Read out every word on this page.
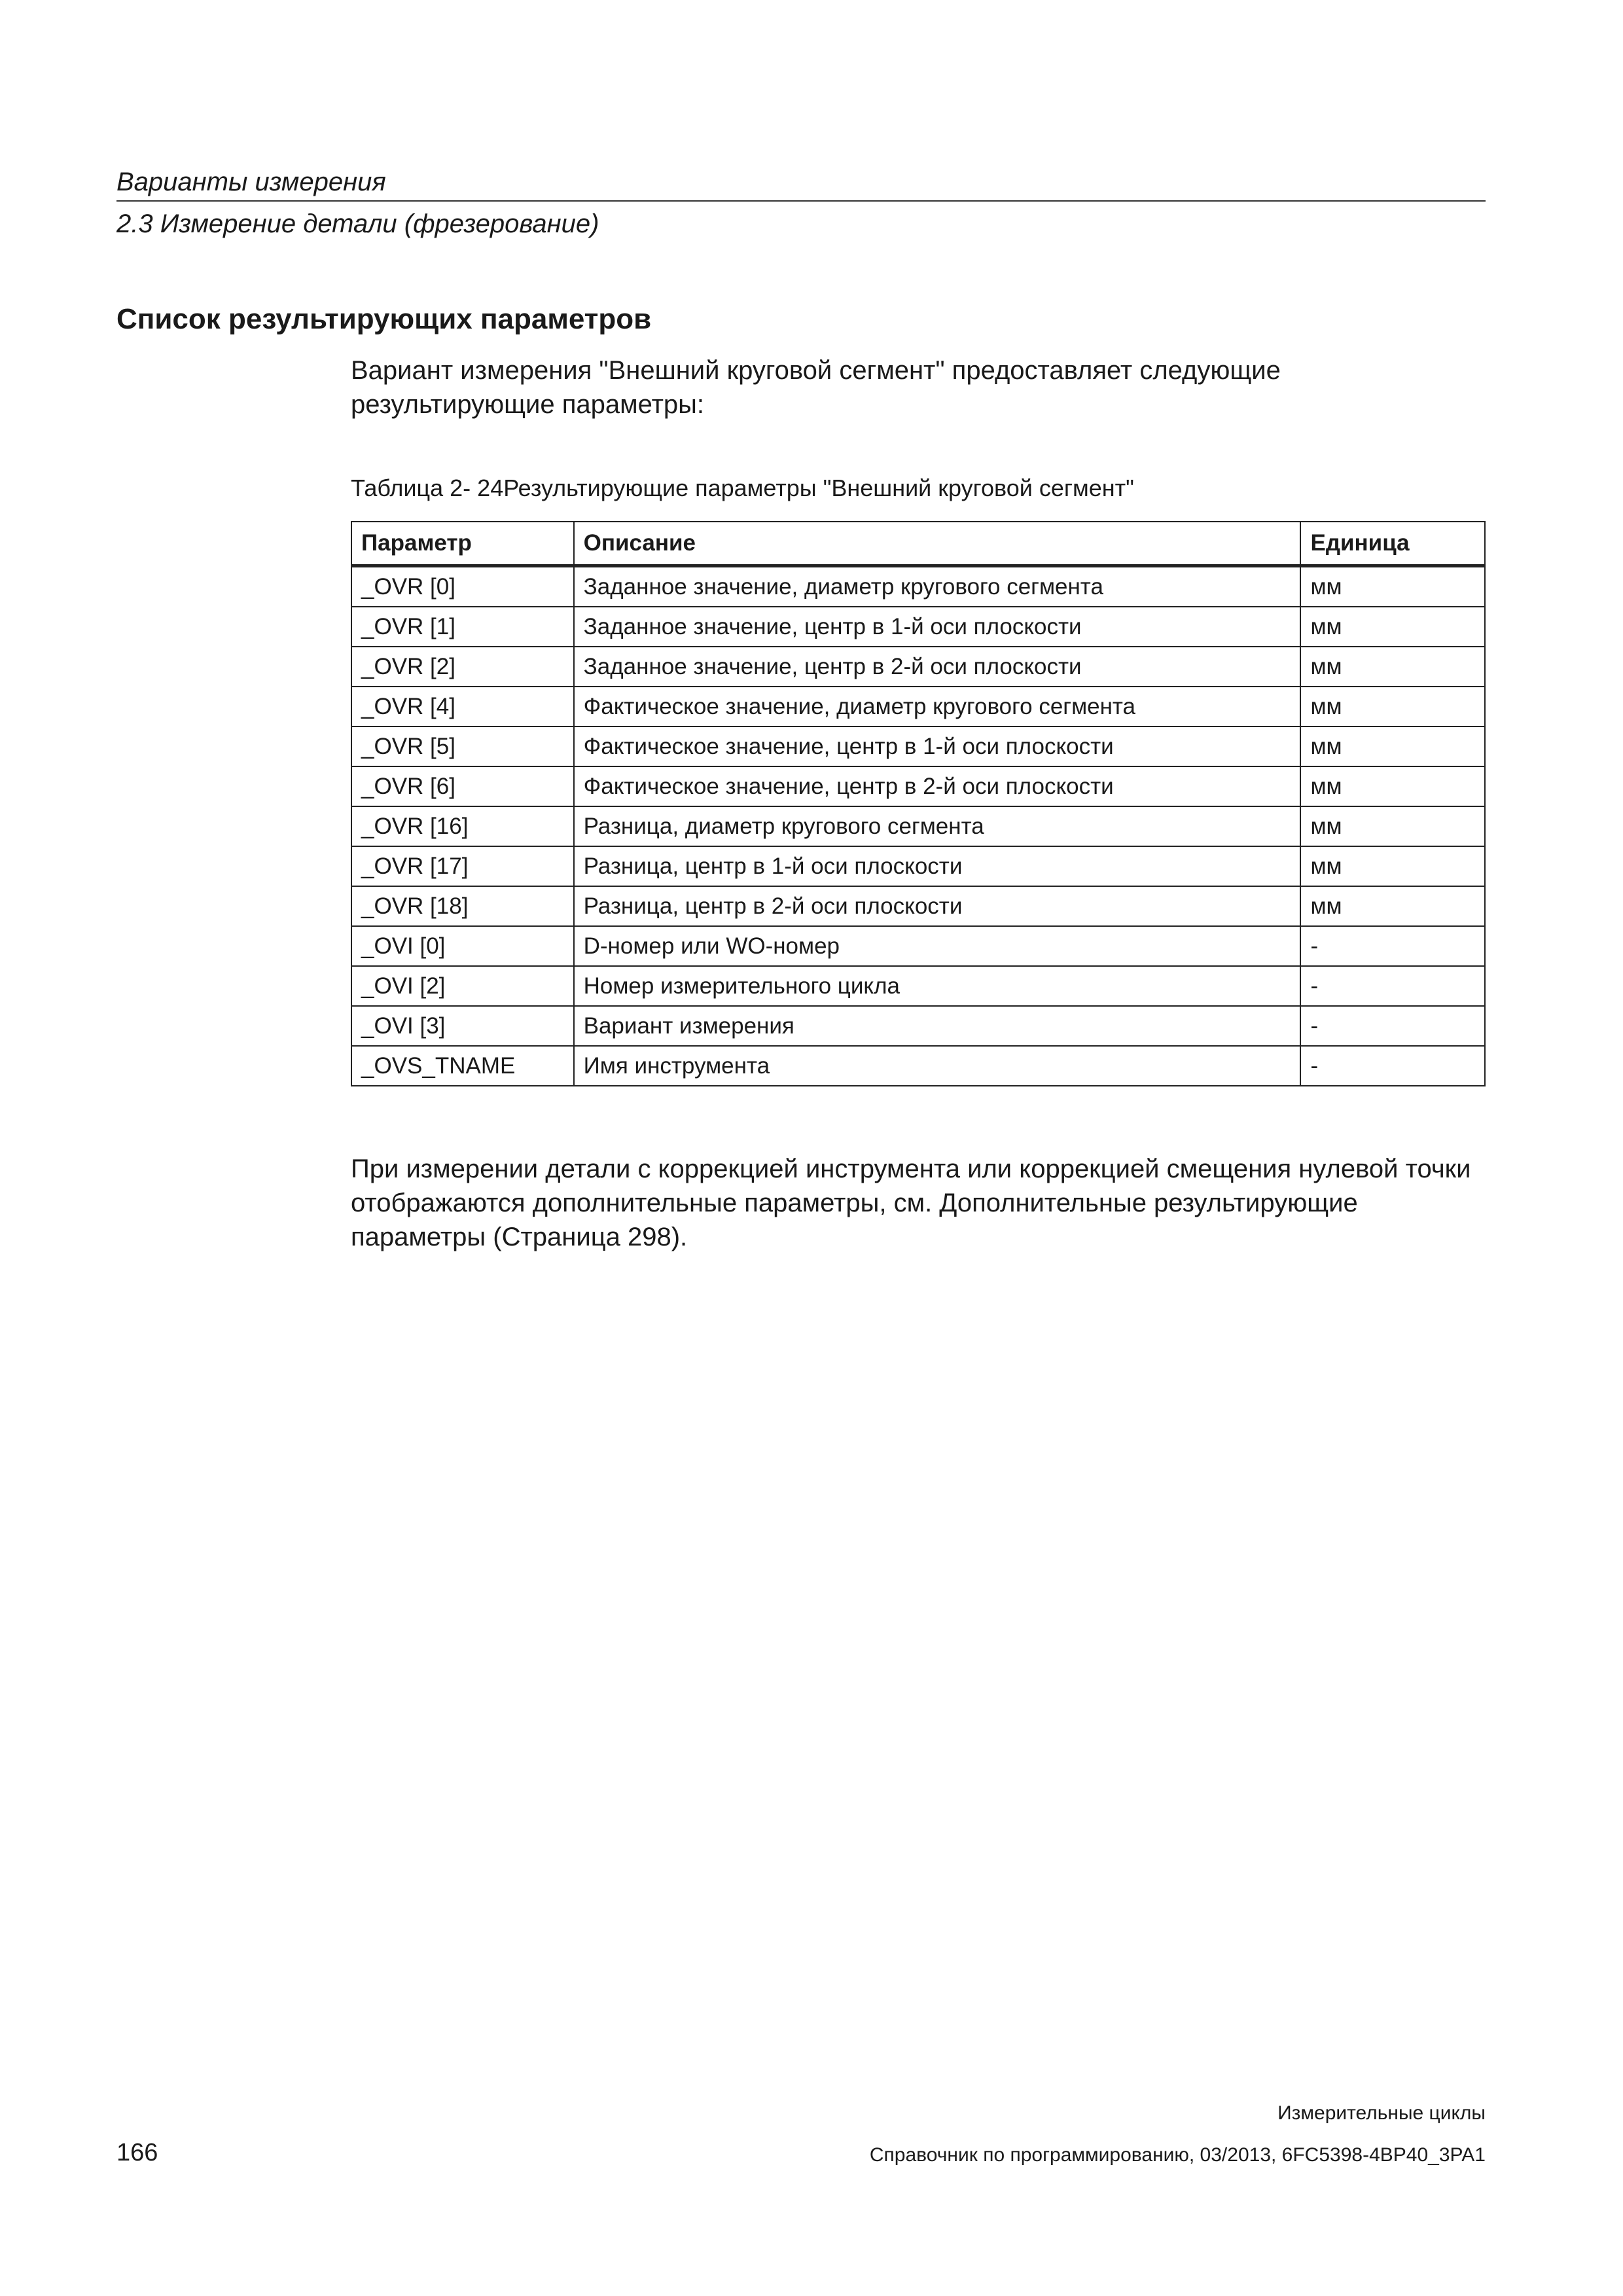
Варианты измерения
2.3 Измерение детали (фрезерование)
Список результирующих параметров

Вариант измерения "Внешний круговой сегмент" предоставляет следующие результирующие параметры:

Таблица 2- 24Результирующие параметры "Внешний круговой сегмент"
Параметр	Описание	Единица
_OVR [0]	Заданное значение, диаметр кругового сегмента	мм
_OVR [1]	Заданное значение, центр в 1-й оси плоскости	мм
_OVR [2]	Заданное значение, центр в 2-й оси плоскости	мм
_OVR [4]	Фактическое значение, диаметр кругового сегмента	мм
_OVR [5]	Фактическое значение, центр в 1-й оси плоскости	мм
_OVR [6]	Фактическое значение, центр в 2-й оси плоскости	мм
_OVR [16]	Разница, диаметр кругового сегмента	мм
_OVR [17]	Разница, центр в 1-й оси плоскости	мм
_OVR [18]	Разница, центр в 2-й оси плоскости	мм
_OVI [0]	D-номер или WO-номер	-
_OVI [2]	Номер измерительного цикла	-
_OVI [3]	Вариант измерения	-
_OVS_TNAME	Имя инструмента	-

При измерении детали с коррекцией инструмента или коррекцией смещения нулевой точки отображаются дополнительные параметры, см. Дополнительные результирующие параметры (Страница 298).

Измерительные циклы
166	Справочник по программированию, 03/2013, 6FC5398-4BP40_3PA1
